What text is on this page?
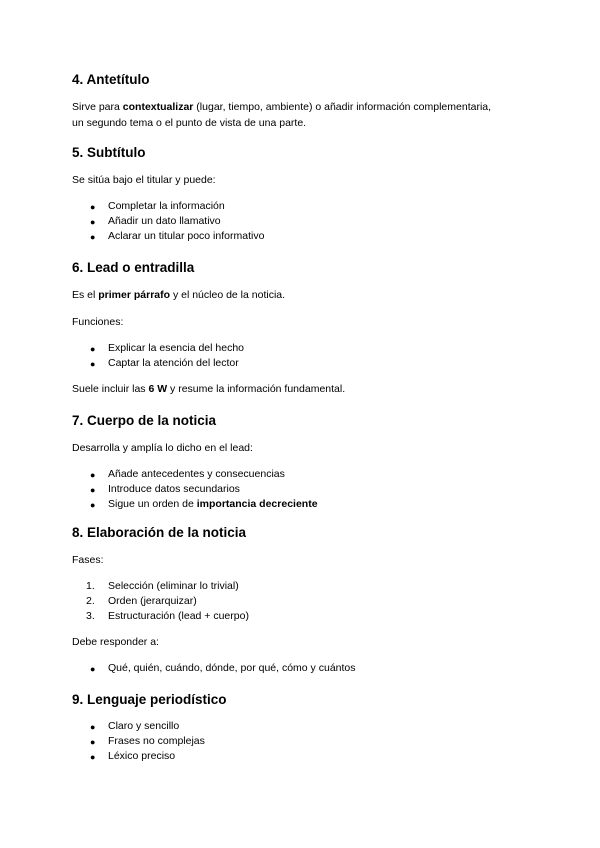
4. Antetítulo

Sirve para contextualizar (lugar, tiempo, ambiente) o añadir información complementaria,

un segundo tema o el punto de vista de una parte.

5. Subtítulo

Se sitúa bajo el titular y puede:

● Completar la información
● Añadir un dato llamativo
● Aclarar un titular poco informativo
6. Lead o entradilla

Es el primer párrafo y el núcleo de la noticia.

Funciones:

● Explicar la esencia del hecho
● Captar la atención del lector

Suele incluir las 6 W y resume la información fundamental.

7. Cuerpo de la noticia

Desarrolla y amplía lo dicho en el lead:

● Añade antecedentes y consecuencias
● Introduce datos secundarios
● Sigue un orden de importancia decreciente
8. Elaboración de la noticia

Fases:

1.	Selección (eliminar lo trivial)
2.	Orden (jerarquizar)
3.	Estructuración (lead + cuerpo)

Debe responder a:

● Qué, quién, cuándo, dónde, por qué, cómo y cuántos
9. Lenguaje periodístico
● Claro y sencillo
● Frases no complejas
● Léxico preciso
